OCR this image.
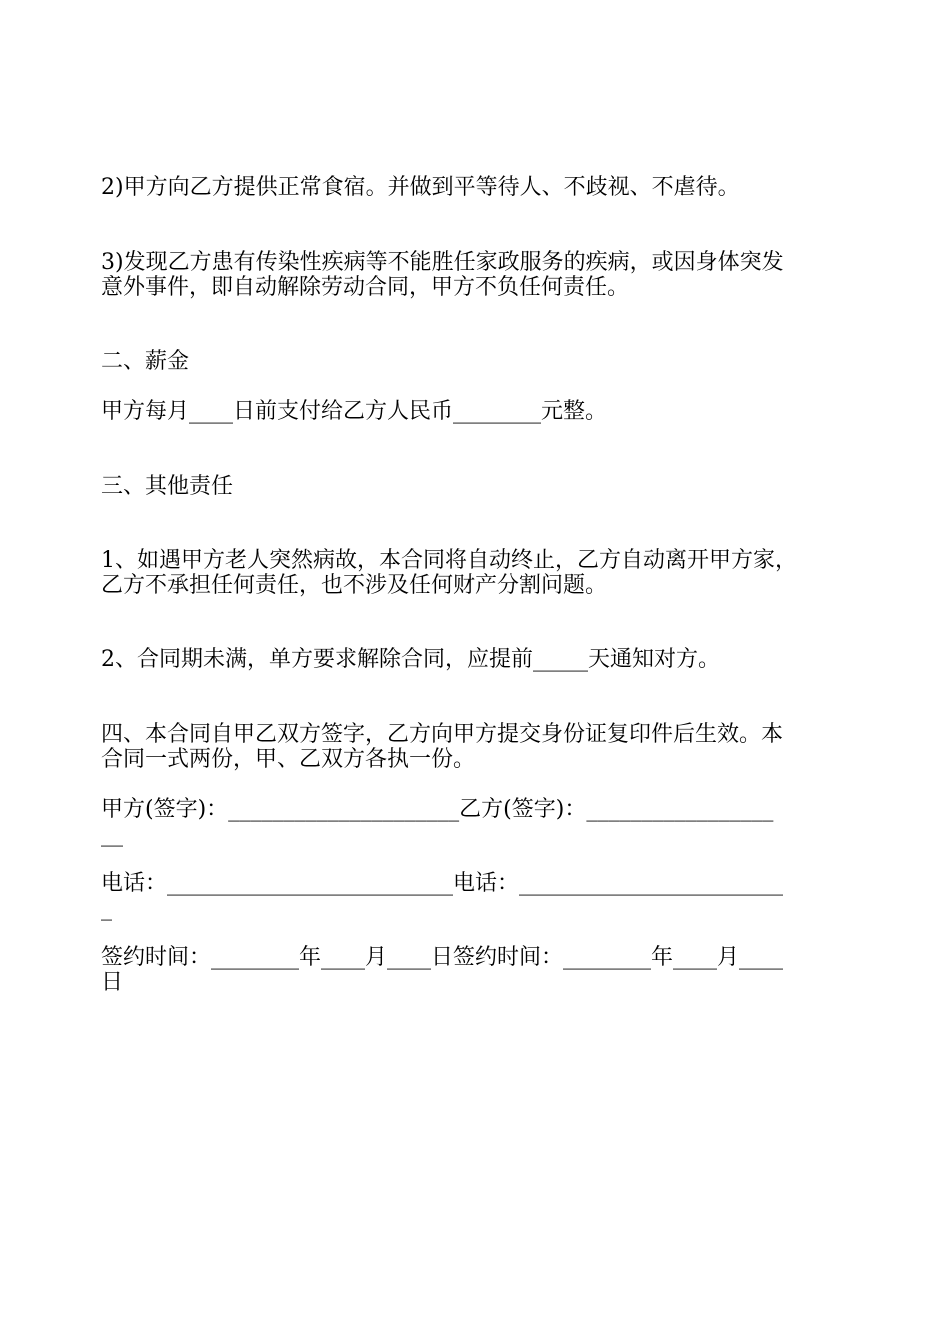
2)甲方向乙方提供正常食宿。并做到平等待人、不歧视、不虐待。
3)发现乙方患有传染性疾病等不能胜任家政服务的疾病，或因身体突发
意外事件，即自动解除劳动合同，甲方不负任何责任。
二、薪金
甲方每月____日前支付给乙方人民币________元整。
三、其他责任
1、如遇甲方老人突然病故，本合同将自动终止，乙方自动离开甲方家，
乙方不承担任何责任，也不涉及任何财产分割问题。
2、合同期未满，单方要求解除合同，应提前_____天通知对方。
四、本合同自甲乙双方签字，乙方向甲方提交身份证复印件后生效。本
合同一式两份，甲、乙双方各执一份。
甲方(签字)：_____________________乙方(签字)：_________________
__
电话：__________________________电话：________________________
_
签约时间：________年____月____日签约时间：________年____月____
日
